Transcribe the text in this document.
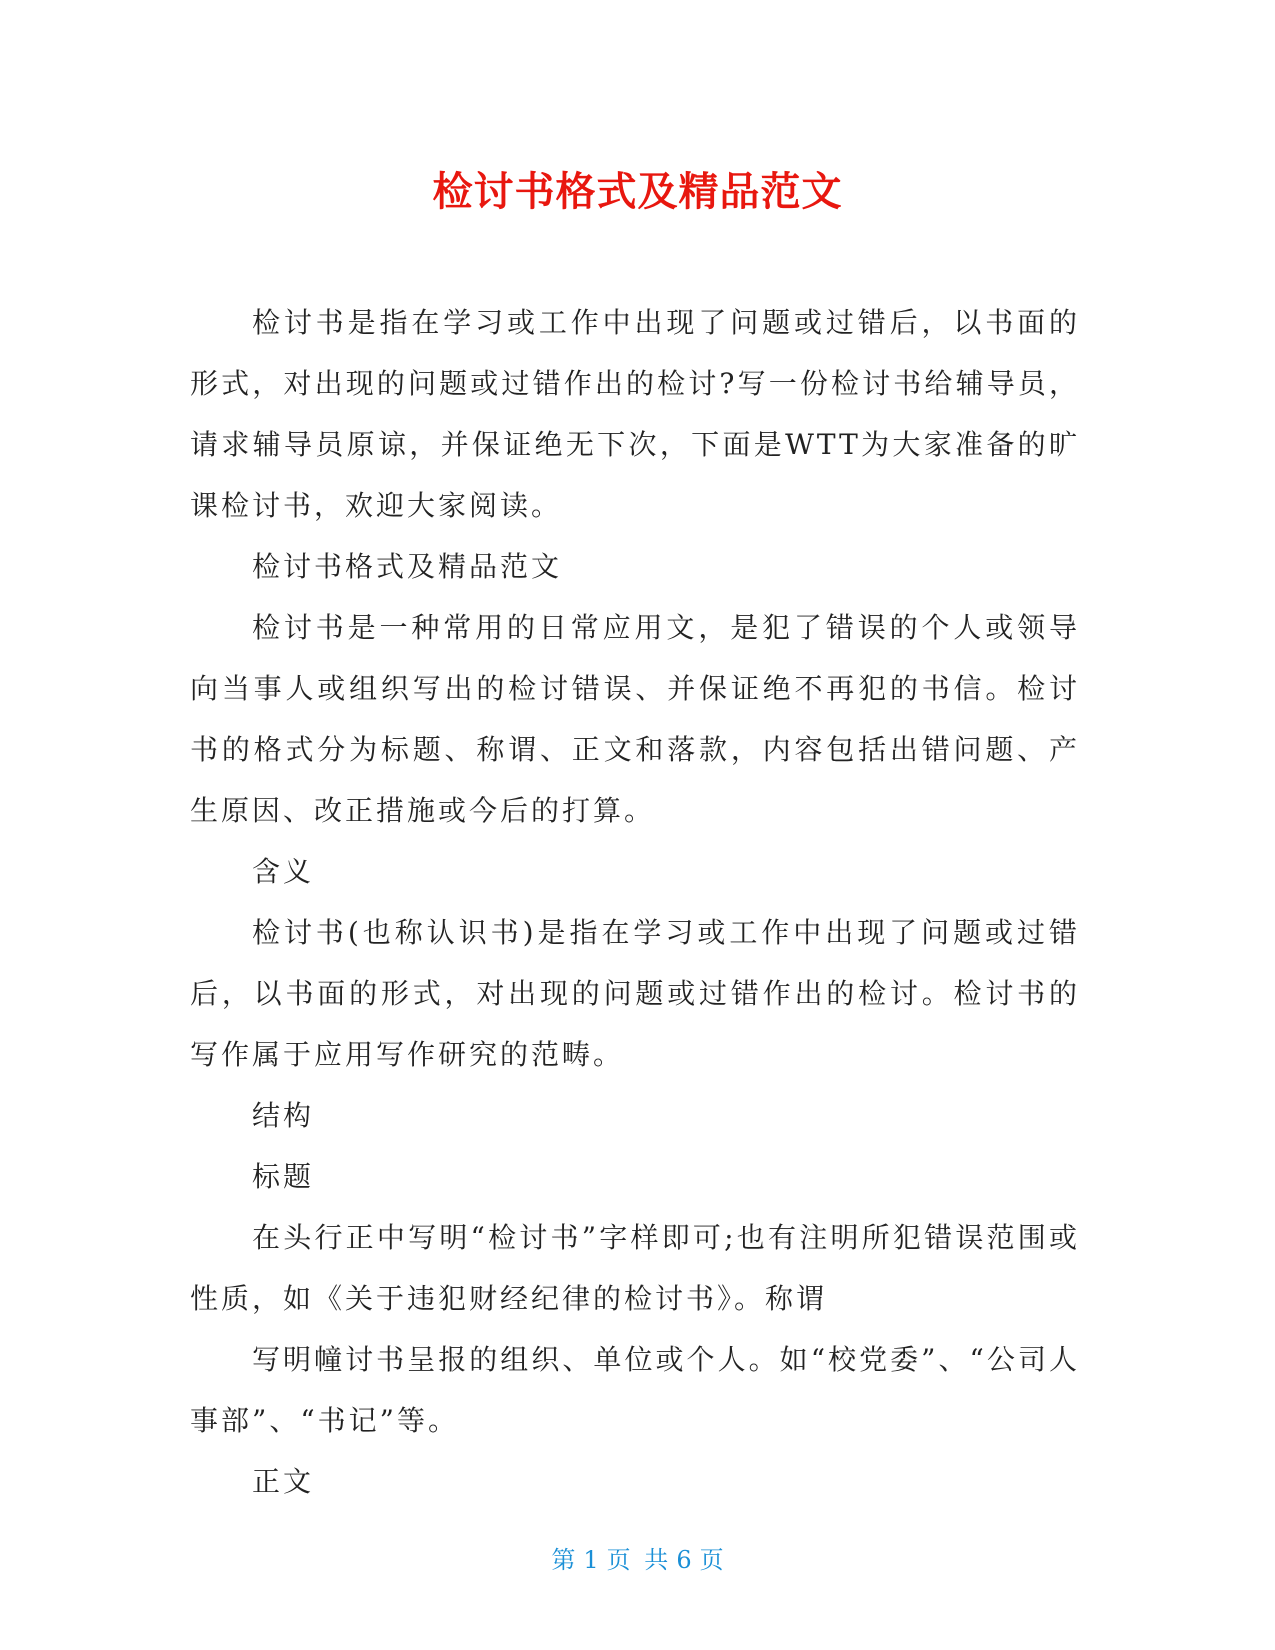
检讨书格式及精品范文

检讨书是指在学习或工作中出现了问题或过错后，以书面的形式，对出现的问题或过错作出的检讨?写一份检讨书给辅导员，请求辅导员原谅，并保证绝无下次，下面是WTT为大家准备的旷课检讨书，欢迎大家阅读。

检讨书格式及精品范文

检讨书是一种常用的日常应用文，是犯了错误的个人或领导向当事人或组织写出的检讨错误、并保证绝不再犯的书信。检讨书的格式分为标题、称谓、正文和落款，内容包括出错问题、产生原因、改正措施或今后的打算。

含义

检讨书(也称认识书)是指在学习或工作中出现了问题或过错后，以书面的形式，对出现的问题或过错作出的检讨。检讨书的写作属于应用写作研究的范畴。

结构

标题

在头行正中写明“检讨书”字样即可;也有注明所犯错误范围或性质，如《关于违犯财经纪律的检讨书》。称谓

写明幢讨书呈报的组织、单位或个人。如“校党委”、“公司人事部”、“书记”等。

正文

第 1 页 共 6 页
